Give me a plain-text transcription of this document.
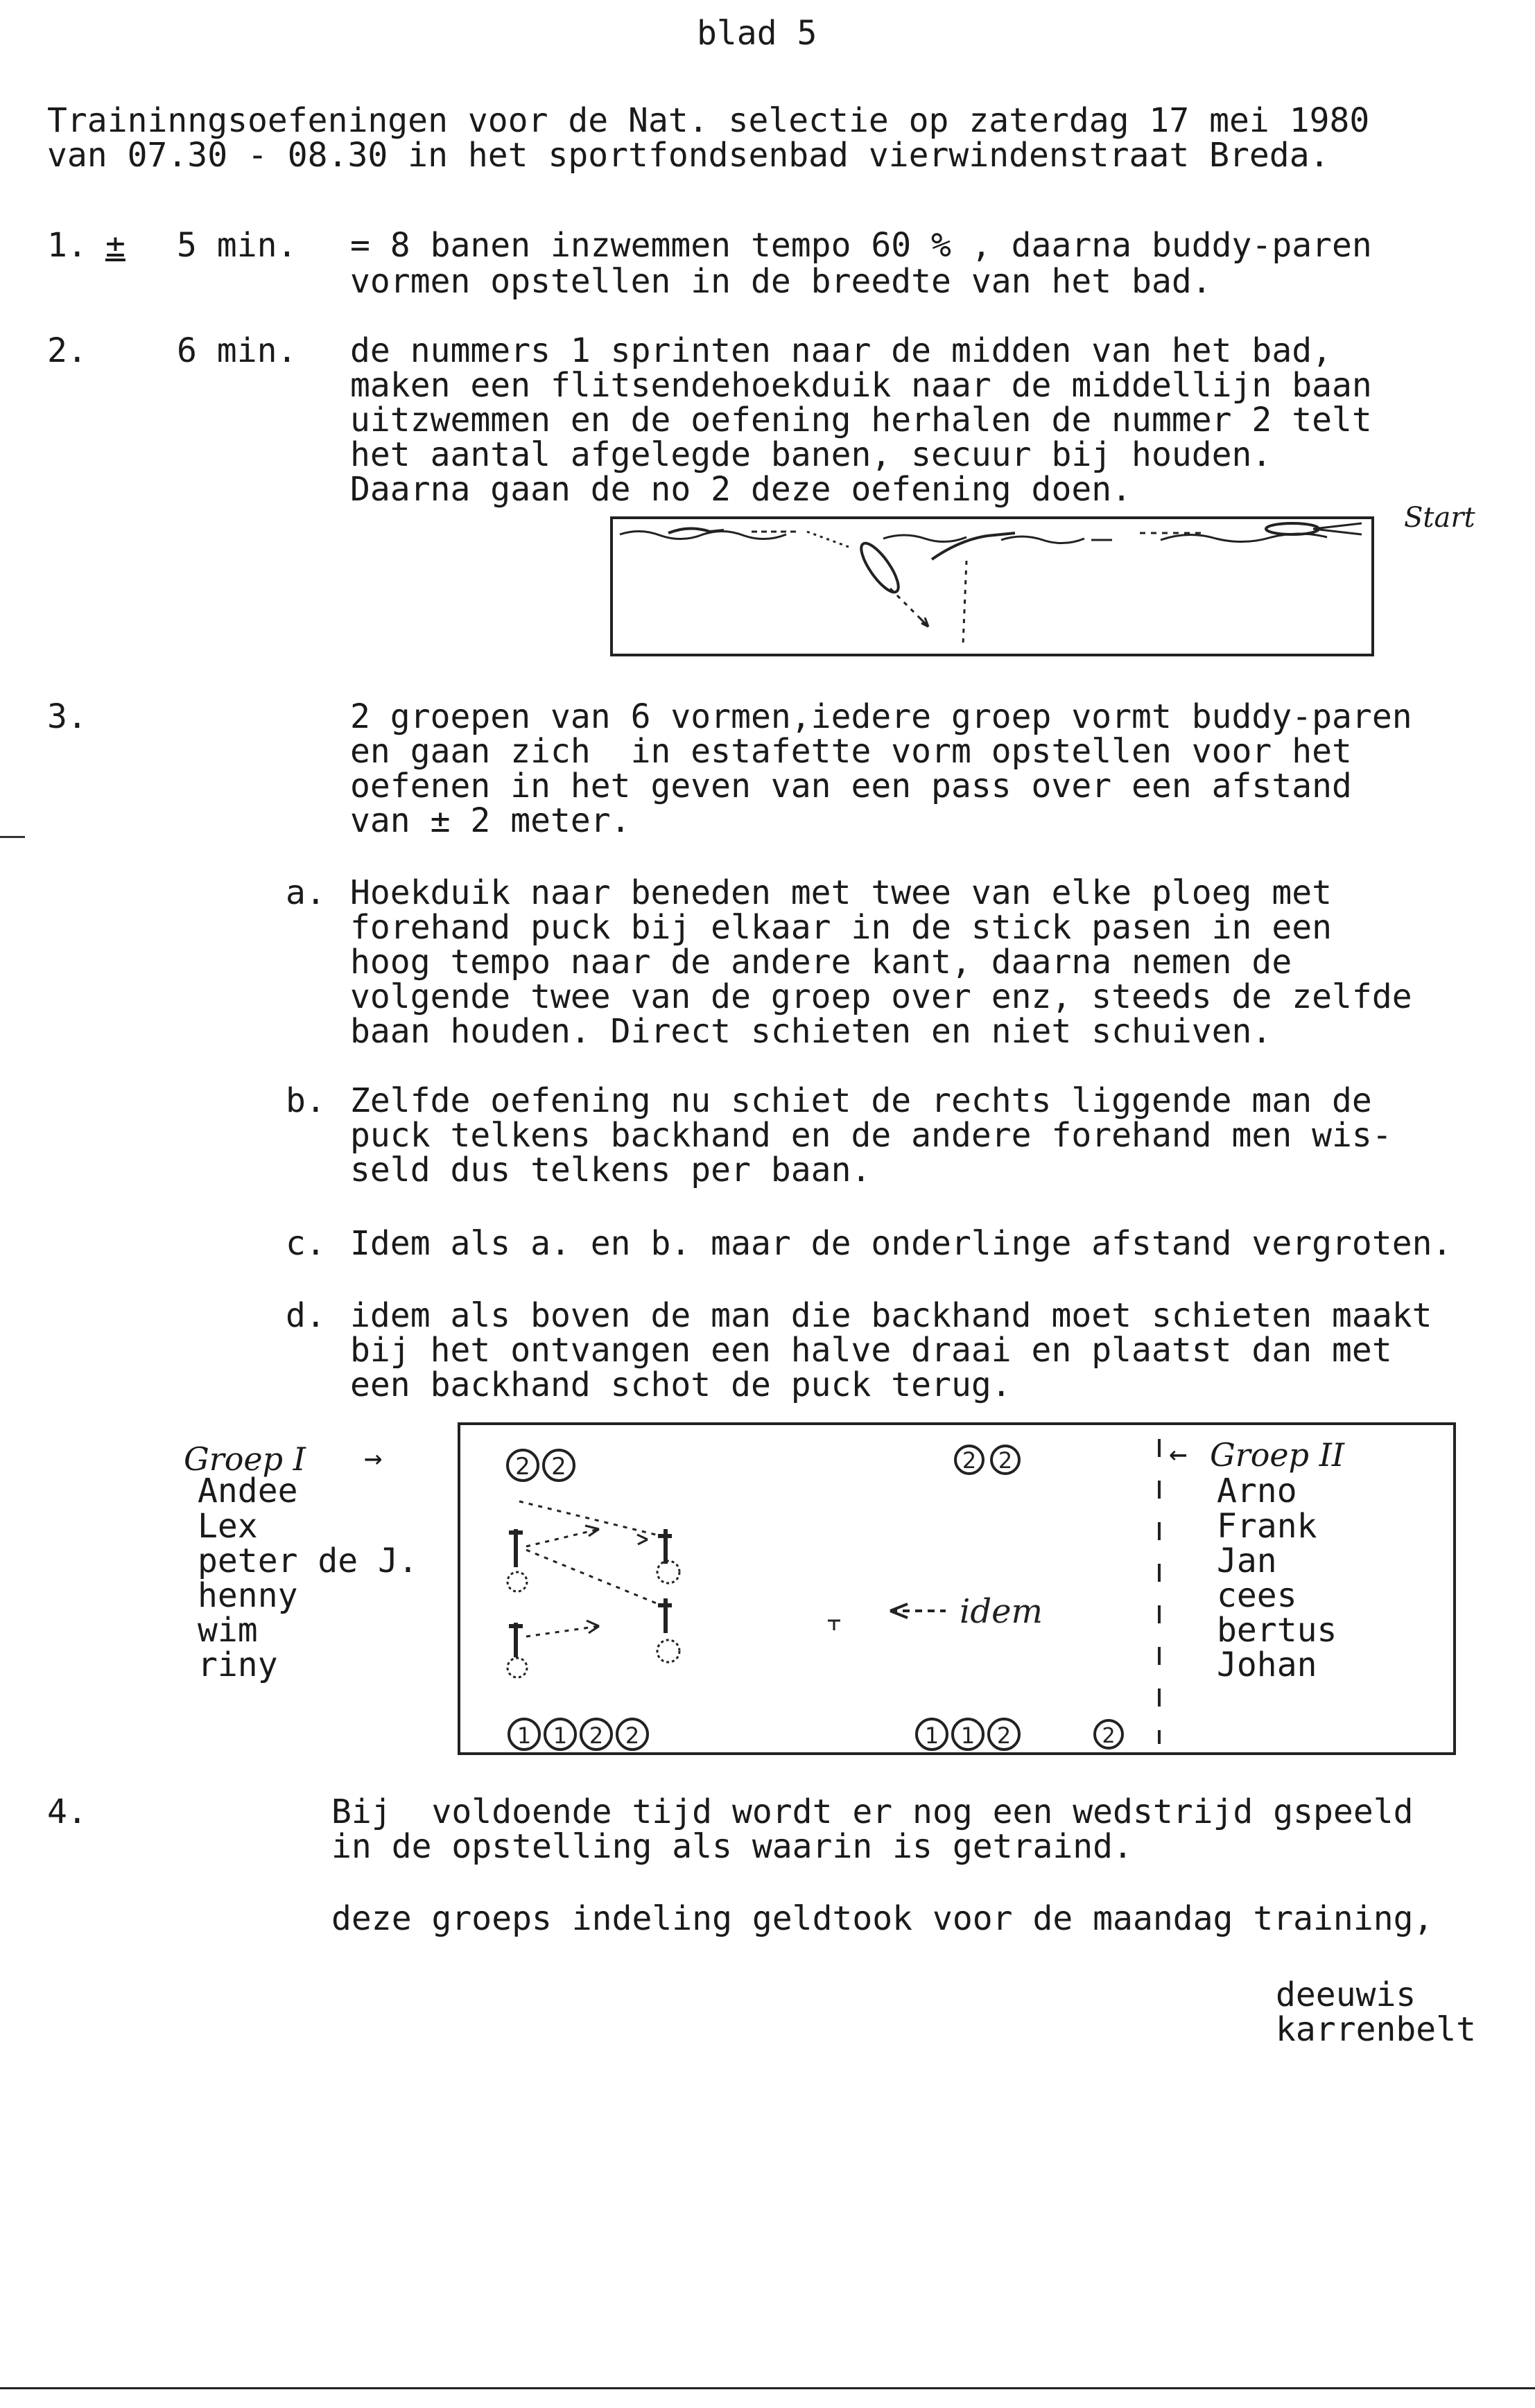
blad 5
Traininngsoefeningen voor de Nat. selectie op zaterdag 17 mei 1980
van 07.30 - 08.30 in het sportfondsenbad vierwindenstraat Breda.
1. ± 5 min. = 8 banen inzwemmen tempo 60 % , daarna buddy-paren
vormen opstellen in de breedte van het bad.
2.	6 min. de nummers 1 sprinten naar de midden van het bad,
maken een flitsendehoekduik naar de middellijn baan
uitzwemmen en de oefening herhalen de nummer 2 telt
het aantal afgelegde banen, secuur bij houden.
Daarna gaan de no 2 deze oefening doen.
Start
3.	2 groepen van 6 vormen,iedere groep vormt buddy-paren
en gaan zich  in estafette vorm opstellen voor het
oefenen in het geven van een pass over een afstand
van ± 2 meter.
a. Hoekduik naar beneden met twee van elke ploeg met
forehand puck bij elkaar in de stick pasen in een
hoog tempo naar de andere kant, daarna nemen de
volgende twee van de groep over enz, steeds de zelfde
baan houden. Direct schieten en niet schuiven.
b. Zelfde oefening nu schiet de rechts liggende man de
puck telkens backhand en de andere forehand men wis-
seld dus telkens per baan.
c. Idem als a. en b. maar de onderlinge afstand vergroten.
d. idem als boven de man die backhand moet schieten maakt
bij het ontvangen een halve draai en plaatst dan met
een backhand schot de puck terug.
Groep I →
Andee
Lex
peter de J.
henny
wim
riny
2 2	2 2
idem
1 1 2 2	1 1 2	2
← Groep II
Arno
Frank
Jan
cees
bertus
Johan
4.	Bij  voldoende tijd wordt er nog een wedstrijd gspeeld
in de opstelling als waarin is getraind.
deze groeps indeling geldtook voor de maandag training,
deeuwis
karrenbelt
